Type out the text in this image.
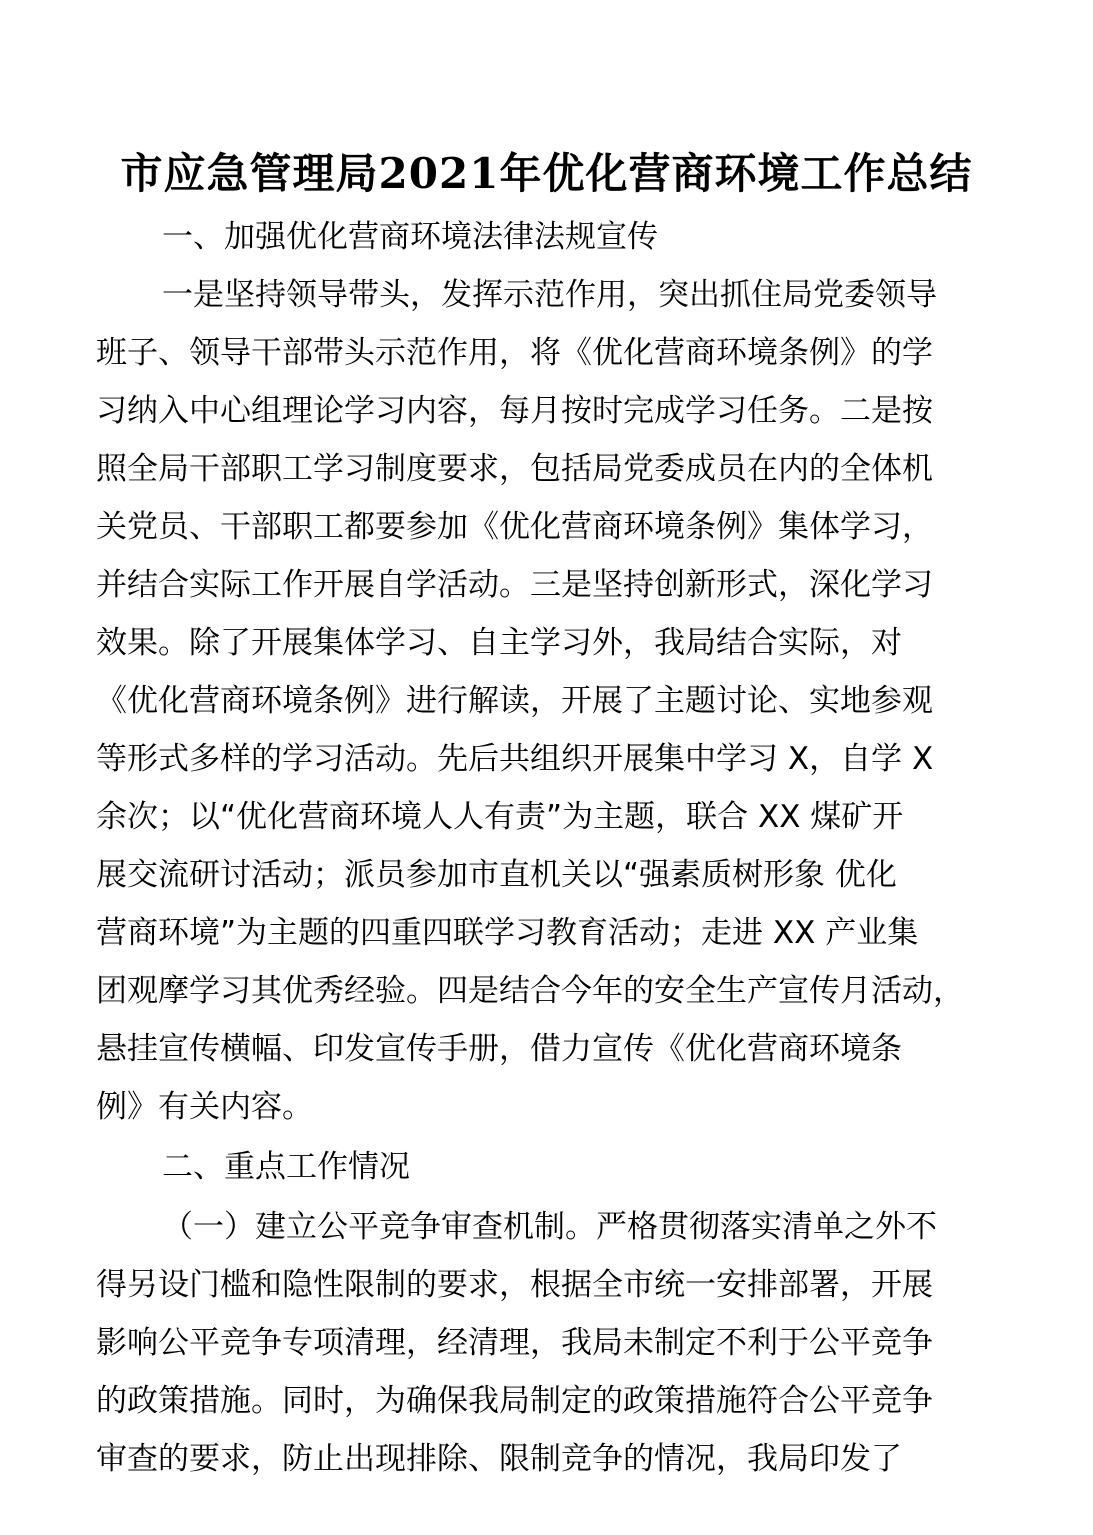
市应急管理局2021年优化营商环境工作总结
一、加强优化营商环境法律法规宣传
一是坚持领导带头，发挥示范作用，突出抓住局党委领导
班子、领导干部带头示范作用，将《优化营商环境条例》的学
习纳入中心组理论学习内容，每月按时完成学习任务。二是按
照全局干部职工学习制度要求，包括局党委成员在内的全体机
关党员、干部职工都要参加《优化营商环境条例》集体学习，
并结合实际工作开展自学活动。三是坚持创新形式，深化学习
效果。除了开展集体学习、自主学习外，我局结合实际，对
《优化营商环境条例》进行解读，开展了主题讨论、实地参观
等形式多样的学习活动。先后共组织开展集中学习 X，自学 X
余次；以“优化营商环境人人有责”为主题，联合 XX 煤矿开
展交流研讨活动；派员参加市直机关以“强素质树形象 优化
营商环境”为主题的四重四联学习教育活动；走进 XX 产业集
团观摩学习其优秀经验。四是结合今年的安全生产宣传月活动，
悬挂宣传横幅、印发宣传手册，借力宣传《优化营商环境条
例》有关内容。
二、重点工作情况
（一）建立公平竞争审查机制。严格贯彻落实清单之外不
得另设门槛和隐性限制的要求，根据全市统一安排部署，开展
影响公平竞争专项清理，经清理，我局未制定不利于公平竞争
的政策措施。同时，为确保我局制定的政策措施符合公平竞争
审查的要求，防止出现排除、限制竞争的情况，我局印发了
